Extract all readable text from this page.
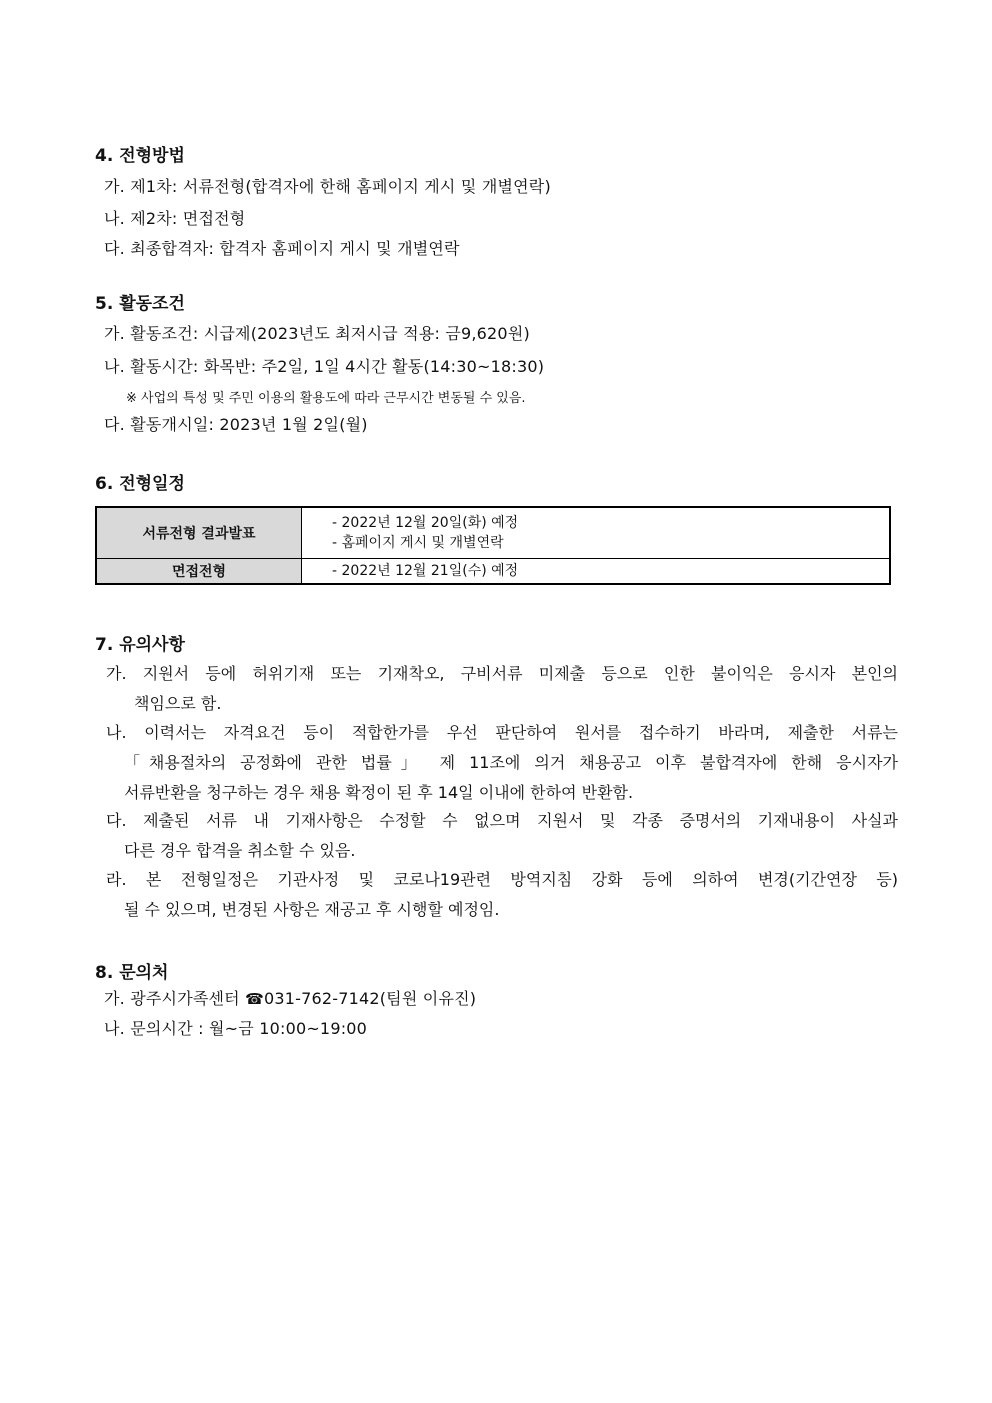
4. 전형방법
가. 제1차: 서류전형(합격자에 한해 홈페이지 게시 및 개별연락)
나. 제2차: 면접전형
다. 최종합격자: 합격자 홈페이지 게시 및 개별연락
5. 활동조건
가. 활동조건: 시급제(2023년도 최저시급 적용: 금9,620원)
나. 활동시간: 화목반: 주2일, 1일 4시간 활동(14:30~18:30)
※ 사업의 특성 및 주민 이용의 활용도에 따라 근무시간 변동될 수 있음.
다. 활동개시일: 2023년 1월 2일(월)
6. 전형일정
서류전형 결과발표	- 2022년 12월 20일(화) 예정
- 홈페이지 게시 및 개별연락

면접전형	- 2022년 12월 21일(수) 예정
7. 유의사항
가. 지원서 등에 허위기재 또는 기재착오, 구비서류 미제출 등으로 인한 불이익은 응시자 본인의
책임으로 함.
나. 이력서는 자격요건 등이 적합한가를 우선 판단하여 원서를 접수하기 바라며, 제출한 서류는
「채용절차의 공정화에 관한 법률」 제 11조에 의거 채용공고 이후 불합격자에 한해 응시자가
서류반환을 청구하는 경우 채용 확정이 된 후 14일 이내에 한하여 반환함.
다. 제출된 서류 내 기재사항은 수정할 수 없으며 지원서 및 각종 증명서의 기재내용이 사실과
다른 경우 합격을 취소할 수 있음.
라. 본 전형일정은 기관사정 및 코로나19관련 방역지침 강화 등에 의하여 변경(기간연장 등)
될 수 있으며, 변경된 사항은 재공고 후 시행할 예정임.
8. 문의처
가. 광주시가족센터 ☎031-762-7142(팀원 이유진)
나. 문의시간 : 월~금 10:00~19:00
